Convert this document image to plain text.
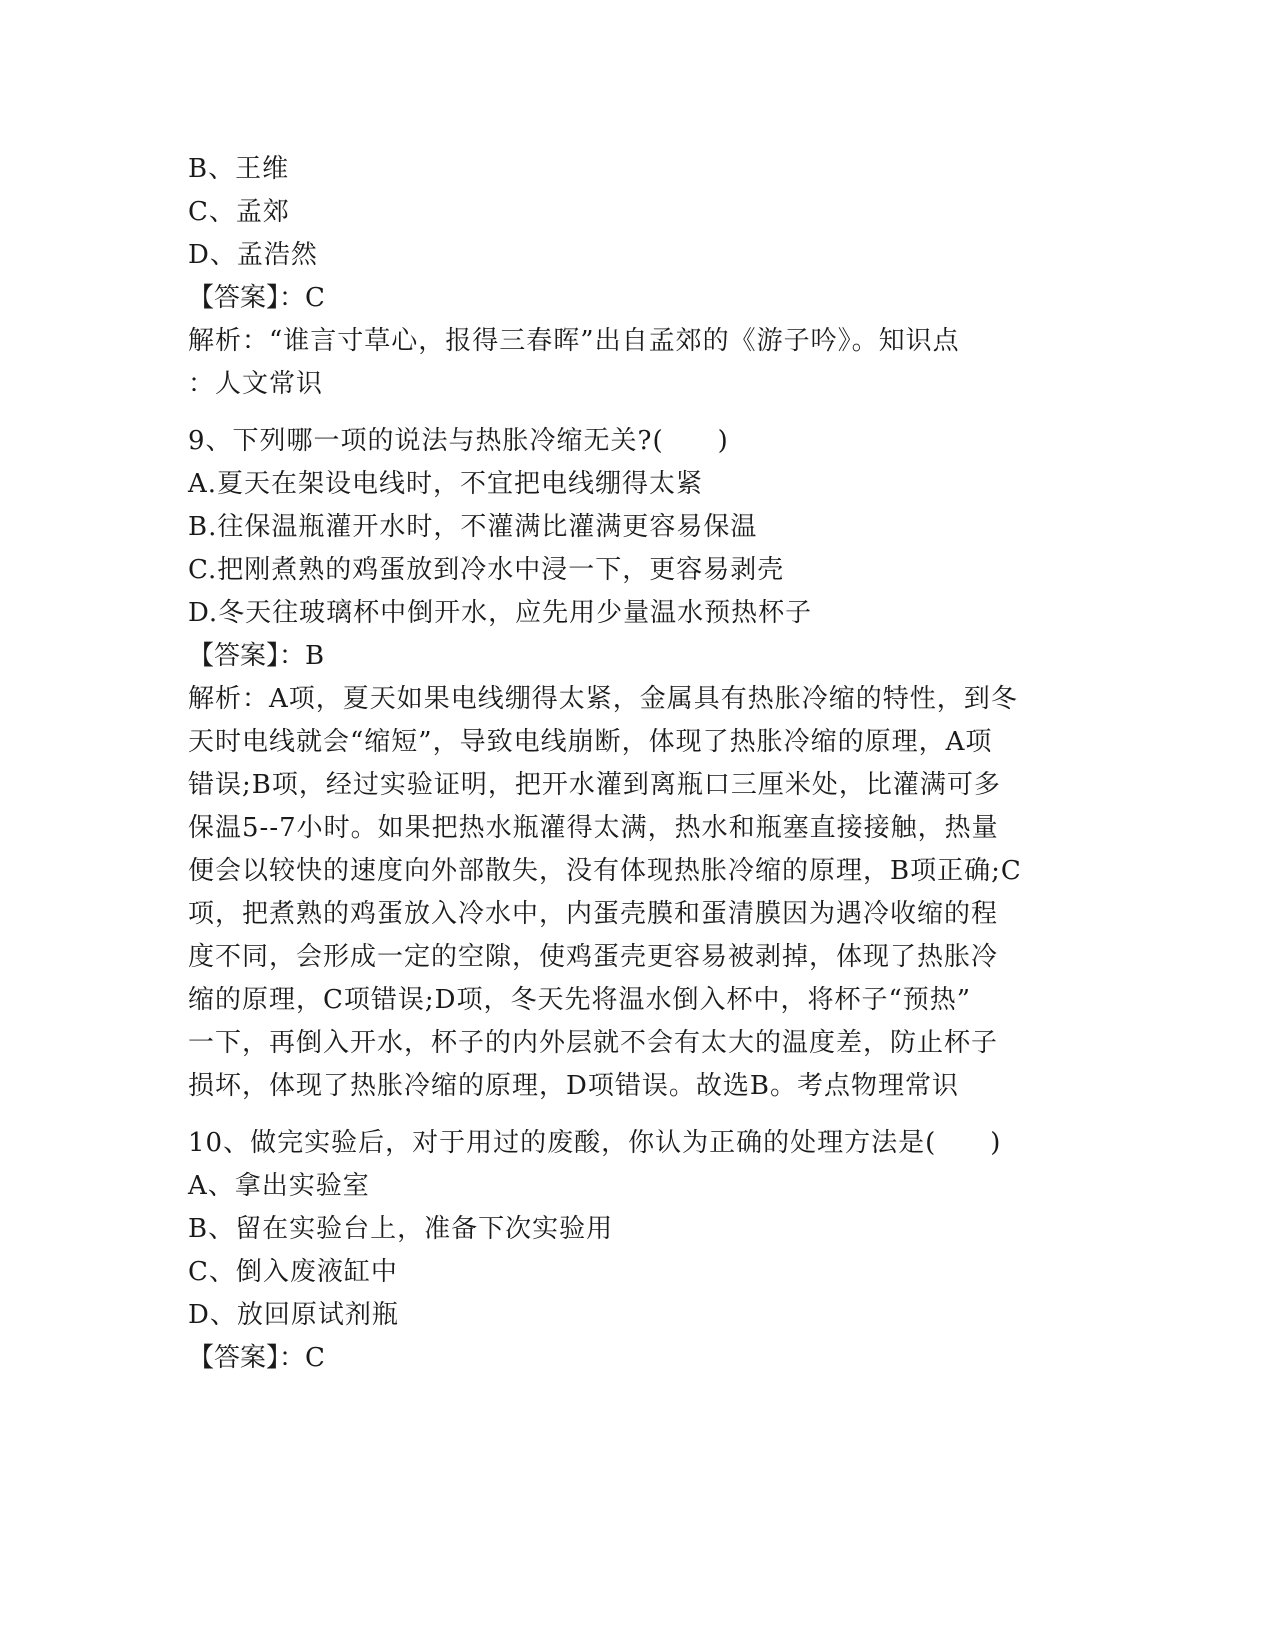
B、王维
C、孟郊
D、孟浩然
【答案】：C
解析：“谁言寸草心，报得三春晖”出自孟郊的《游子吟》。知识点
：人文常识
9、下列哪一项的说法与热胀冷缩无关?(　　)
A.夏天在架设电线时，不宜把电线绷得太紧
B.往保温瓶灌开水时，不灌满比灌满更容易保温
C.把刚煮熟的鸡蛋放到冷水中浸一下，更容易剥壳
D.冬天往玻璃杯中倒开水，应先用少量温水预热杯子
【答案】：B
解析：A项，夏天如果电线绷得太紧，金属具有热胀冷缩的特性，到冬
天时电线就会“缩短”，导致电线崩断，体现了热胀冷缩的原理，A项
错误;B项，经过实验证明，把开水灌到离瓶口三厘米处，比灌满可多
保温5--7小时。如果把热水瓶灌得太满，热水和瓶塞直接接触，热量
便会以较快的速度向外部散失，没有体现热胀冷缩的原理，B项正确;C
项，把煮熟的鸡蛋放入冷水中，内蛋壳膜和蛋清膜因为遇冷收缩的程
度不同，会形成一定的空隙，使鸡蛋壳更容易被剥掉，体现了热胀冷
缩的原理，C项错误;D项，冬天先将温水倒入杯中，将杯子“预热”
一下，再倒入开水，杯子的内外层就不会有太大的温度差，防止杯子
损坏，体现了热胀冷缩的原理，D项错误。故选B。考点物理常识
10、做完实验后，对于用过的废酸，你认为正确的处理方法是(　　)
A、拿出实验室
B、留在实验台上，准备下次实验用
C、倒入废液缸中
D、放回原试剂瓶
【答案】：C
